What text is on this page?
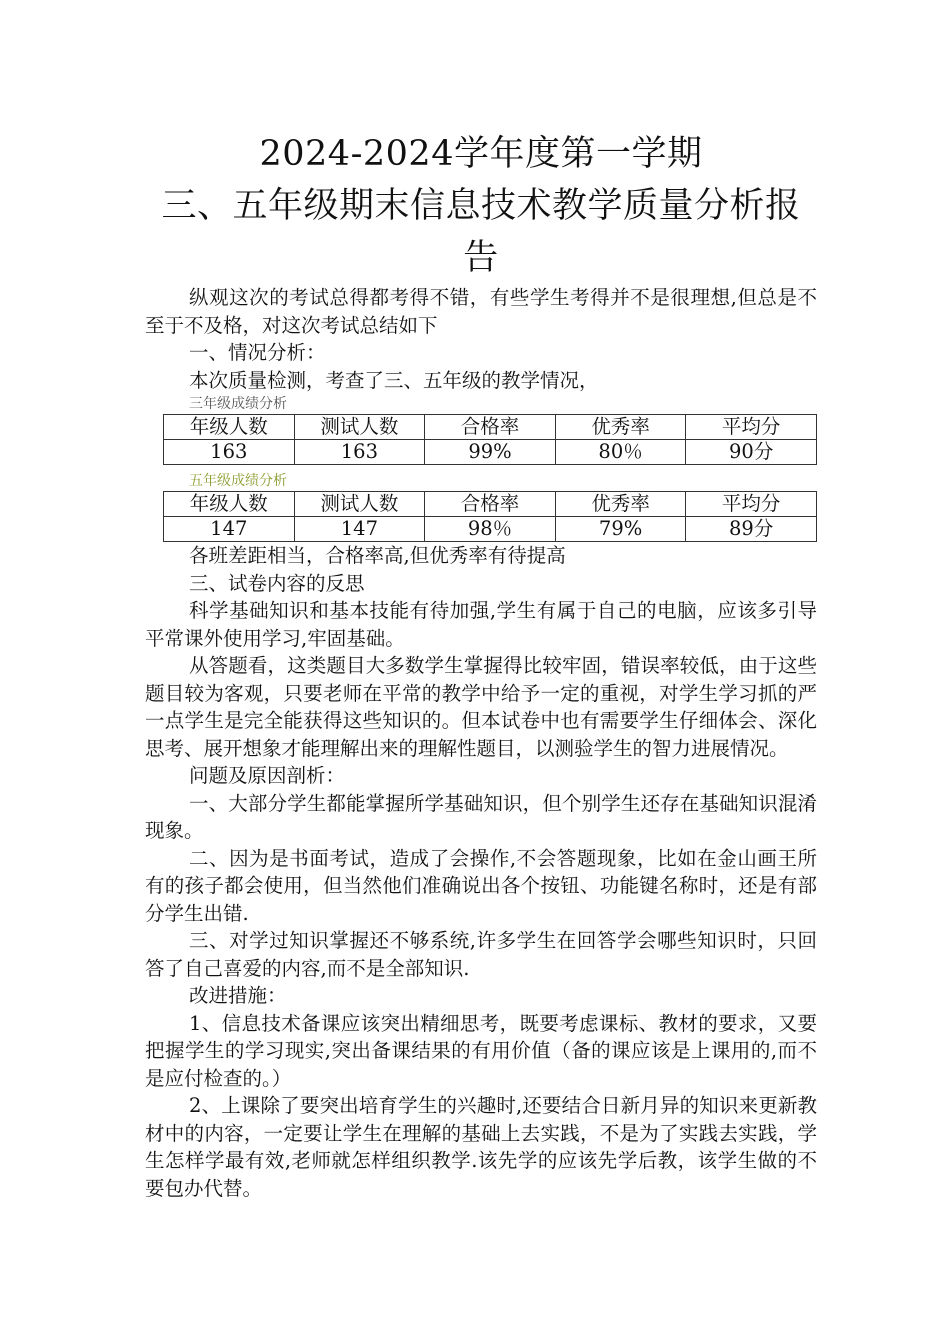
2024-2024学年度第一学期

三、五年级期末信息技术教学质量分析报

告

纵观这次的考试总得都考得不错，有些学生考得并不是很理想,但总是不至于不及格，对这次考试总结如下

一、情况分析：

本次质量检测，考查了三、五年级的教学情况，

三年级成绩分析

年级人数	测试人数	合格率	优秀率	平均分
163	163	99%	80％	90分

五年级成绩分析

年级人数	测试人数	合格率	优秀率	平均分
147	147	98％	79%	89分

各班差距相当，合格率高,但优秀率有待提高

三、试卷内容的反思

科学基础知识和基本技能有待加强,学生有属于自己的电脑，应该多引导平常课外使用学习,牢固基础。

从答题看，这类题目大多数学生掌握得比较牢固，错误率较低，由于这些题目较为客观，只要老师在平常的教学中给予一定的重视，对学生学习抓的严一点学生是完全能获得这些知识的。但本试卷中也有需要学生仔细体会、深化思考、展开想象才能理解出来的理解性题目，以测验学生的智力进展情况。

问题及原因剖析：

一、大部分学生都能掌握所学基础知识，但个别学生还存在基础知识混淆现象。

二、因为是书面考试，造成了会操作,不会答题现象，比如在金山画王所有的孩子都会使用，但当然他们准确说出各个按钮、功能键名称时，还是有部分学生出错.

三、对学过知识掌握还不够系统,许多学生在回答学会哪些知识时，只回答了自己喜爱的内容,而不是全部知识.

改进措施：

1、信息技术备课应该突出精细思考，既要考虑课标、教材的要求，又要把握学生的学习现实,突出备课结果的有用价值（备的课应该是上课用的,而不是应付检查的。）

2、上课除了要突出培育学生的兴趣时,还要结合日新月异的知识来更新教材中的内容，一定要让学生在理解的基础上去实践，不是为了实践去实践，学生怎样学最有效,老师就怎样组织教学.该先学的应该先学后教，该学生做的不要包办代替。
